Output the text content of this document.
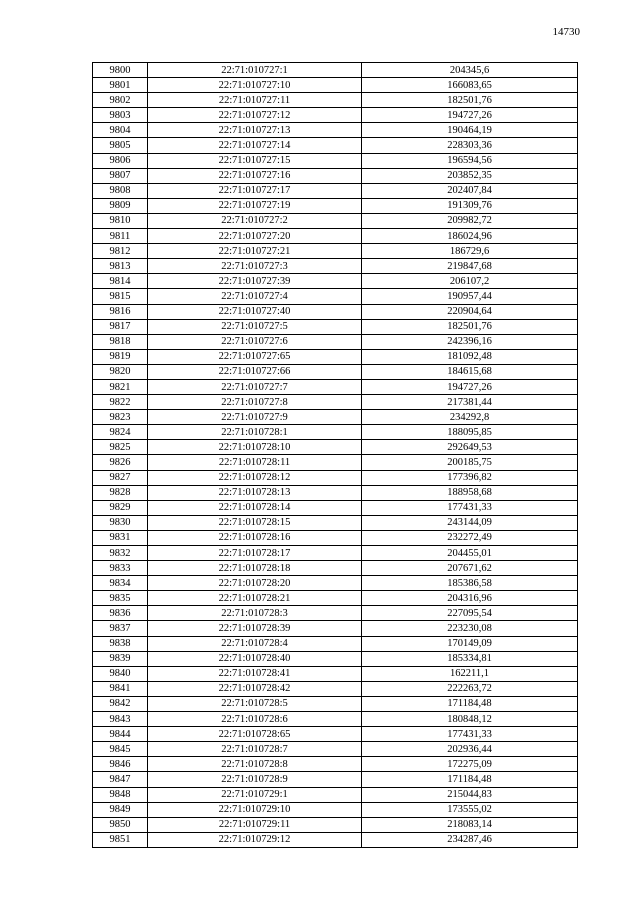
14730
9800	22:71:010727:1	204345,6
9801	22:71:010727:10	166083,65
9802	22:71:010727:11	182501,76
9803	22:71:010727:12	194727,26
9804	22:71:010727:13	190464,19
9805	22:71:010727:14	228303,36
9806	22:71:010727:15	196594,56
9807	22:71:010727:16	203852,35
9808	22:71:010727:17	202407,84
9809	22:71:010727:19	191309,76
9810	22:71:010727:2	209982,72
9811	22:71:010727:20	186024,96
9812	22:71:010727:21	186729,6
9813	22:71:010727:3	219847,68
9814	22:71:010727:39	206107,2
9815	22:71:010727:4	190957,44
9816	22:71:010727:40	220904,64
9817	22:71:010727:5	182501,76
9818	22:71:010727:6	242396,16
9819	22:71:010727:65	181092,48
9820	22:71:010727:66	184615,68
9821	22:71:010727:7	194727,26
9822	22:71:010727:8	217381,44
9823	22:71:010727:9	234292,8
9824	22:71:010728:1	188095,85
9825	22:71:010728:10	292649,53
9826	22:71:010728:11	200185,75
9827	22:71:010728:12	177396,82
9828	22:71:010728:13	188958,68
9829	22:71:010728:14	177431,33
9830	22:71:010728:15	243144,09
9831	22:71:010728:16	232272,49
9832	22:71:010728:17	204455,01
9833	22:71:010728:18	207671,62
9834	22:71:010728:20	185386,58
9835	22:71:010728:21	204316,96
9836	22:71:010728:3	227095,54
9837	22:71:010728:39	223230,08
9838	22:71:010728:4	170149,09
9839	22:71:010728:40	185334,81
9840	22:71:010728:41	162211,1
9841	22:71:010728:42	222263,72
9842	22:71:010728:5	171184,48
9843	22:71:010728:6	180848,12
9844	22:71:010728:65	177431,33
9845	22:71:010728:7	202936,44
9846	22:71:010728:8	172275,09
9847	22:71:010728:9	171184,48
9848	22:71:010729:1	215044,83
9849	22:71:010729:10	173555,02
9850	22:71:010729:11	218083,14
9851	22:71:010729:12	234287,46
